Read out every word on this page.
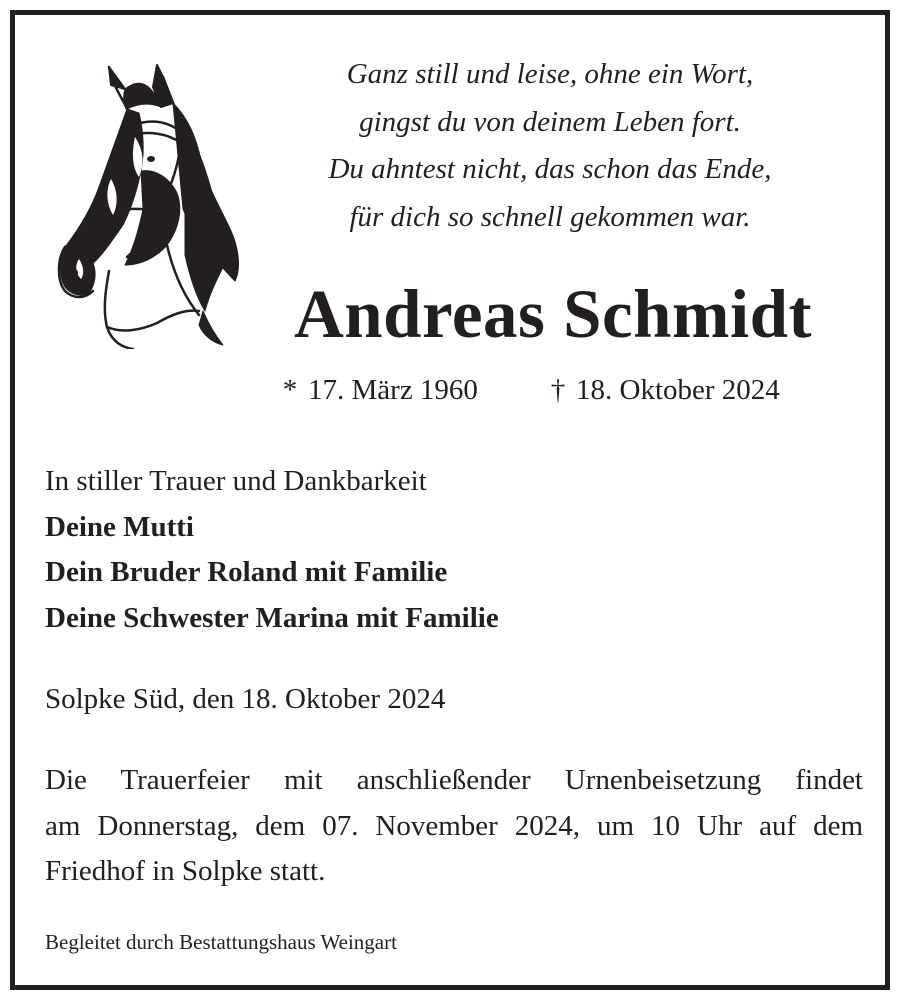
Ganz still und leise, ohne ein Wort,
gingst du von deinem Leben fort.
Du ahntest nicht, das schon das Ende,
für dich so schnell gekommen war.
Andreas Schmidt
* 17. März 1960	† 18. Oktober 2024
In stiller Trauer und Dankbarkeit
Deine Mutti
Dein Bruder Roland mit Familie
Deine Schwester Marina mit Familie
Solpke Süd, den 18. Oktober 2024
Die Trauerfeier mit anschließender Urnenbeisetzung findet
am Donnerstag, dem 07. November 2024, um 10 Uhr auf dem
Friedhof in Solpke statt.
Begleitet durch Bestattungshaus Weingart
